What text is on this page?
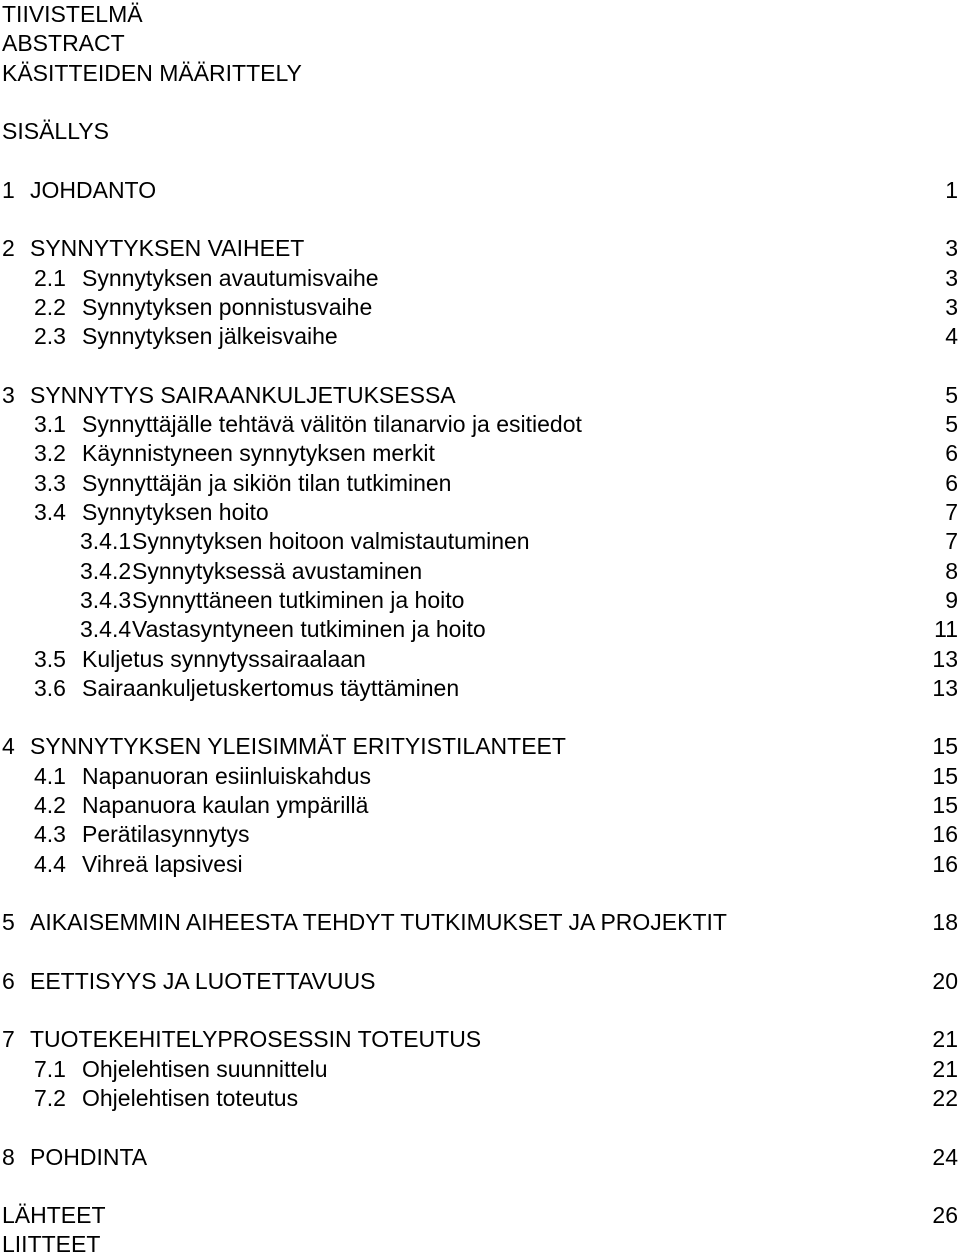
TIIVISTELMÄ
ABSTRACT
KÄSITTEIDEN MÄÄRITTELY
SISÄLLYS
1 JOHDANTO	1
2 SYNNYTYKSEN VAIHEET	3
2.1 Synnytyksen avautumisvaihe	3
2.2 Synnytyksen ponnistusvaihe	3
2.3 Synnytyksen jälkeisvaihe	4
3 SYNNYTYS SAIRAANKULJETUKSESSA	5
3.1 Synnyttäjälle tehtävä välitön tilanarvio ja esitiedot	5
3.2 Käynnistyneen synnytyksen merkit	6
3.3 Synnyttäjän ja sikiön tilan tutkiminen	6
3.4 Synnytyksen hoito	7
3.4.1Synnytyksen hoitoon valmistautuminen	7
3.4.2Synnytyksessä avustaminen	8
3.4.3Synnyttäneen tutkiminen ja hoito	9
3.4.4Vastasyntyneen tutkiminen ja hoito	11
3.5 Kuljetus synnytyssairaalaan	13
3.6 Sairaankuljetuskertomus täyttäminen	13
4 SYNNYTYKSEN YLEISIMMÄT ERITYISTILANTEET	15
4.1 Napanuoran esiinluiskahdus	15
4.2 Napanuora kaulan ympärillä	15
4.3 Perätilasynnytys	16
4.4 Vihreä lapsivesi	16
5 AIKAISEMMIN AIHEESTA TEHDYT TUTKIMUKSET JA PROJEKTIT	18
6 EETTISYYS JA LUOTETTAVUUS	20
7 TUOTEKEHITELYPROSESSIN TOTEUTUS	21
7.1 Ohjelehtisen suunnittelu	21
7.2 Ohjelehtisen toteutus	22
8 POHDINTA	24
LÄHTEET	26
LIITTEET
